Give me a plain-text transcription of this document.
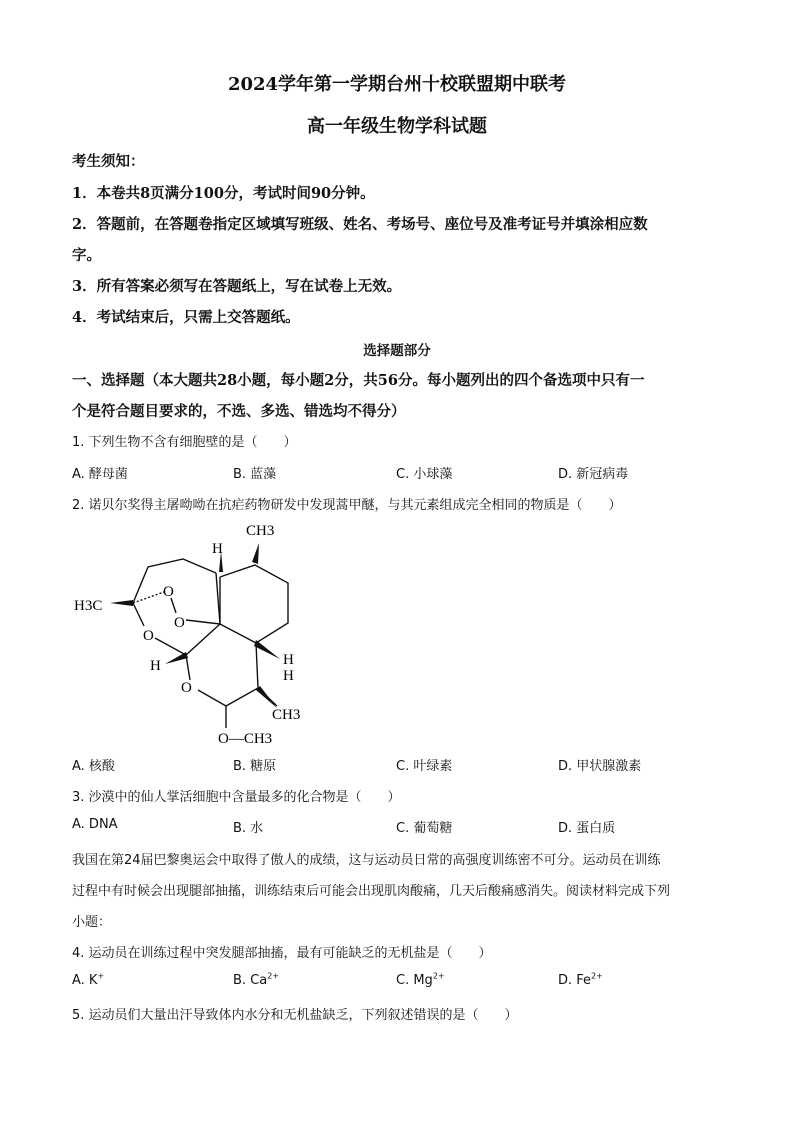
2024学年第一学期台州十校联盟期中联考
高一年级生物学科试题
考生须知：
1．本卷共8页满分100分，考试时间90分钟。
2．答题前，在答题卷指定区域填写班级、姓名、考场号、座位号及准考证号并填涂相应数
字。
3．所有答案必须写在答题纸上，写在试卷上无效。
4．考试结束后，只需上交答题纸。
选择题部分
一、选择题（本大题共28小题，每小题2分，共56分。每小题列出的四个备选项中只有一
个是符合题目要求的，不选、多选、错选均不得分）
1. 下列生物不含有细胞壁的是（　　）
A. 酵母菌	B. 蓝藻	C. 小球藻	D. 新冠病毒
2. 诺贝尔奖得主屠呦呦在抗疟药物研发中发现蒿甲醚，与其元素组成完全相同的物质是（　　）
CH3
H
H3C
O
O
O
H
O
H
H
CH3
O—CH3
A. 核酸	B. 糖原	C. 叶绿素	D. 甲状腺激素
3. 沙漠中的仙人掌活细胞中含量最多的化合物是（　　）
A. DNA	B. 水	C. 葡萄糖	D. 蛋白质
我国在第24届巴黎奥运会中取得了傲人的成绩，这与运动员日常的高强度训练密不可分。运动员在训练
过程中有时候会出现腿部抽搐，训练结束后可能会出现肌肉酸痛，几天后酸痛感消失。阅读材料完成下列
小题：
4. 运动员在训练过程中突发腿部抽搐，最有可能缺乏的无机盐是（　　）
A. K+	B. $Ca^{2+}$	C. $Mg^{2+}$	D. $Fe^{2+}$
5. 运动员们大量出汗导致体内水分和无机盐缺乏，下列叙述错误的是（　　）
